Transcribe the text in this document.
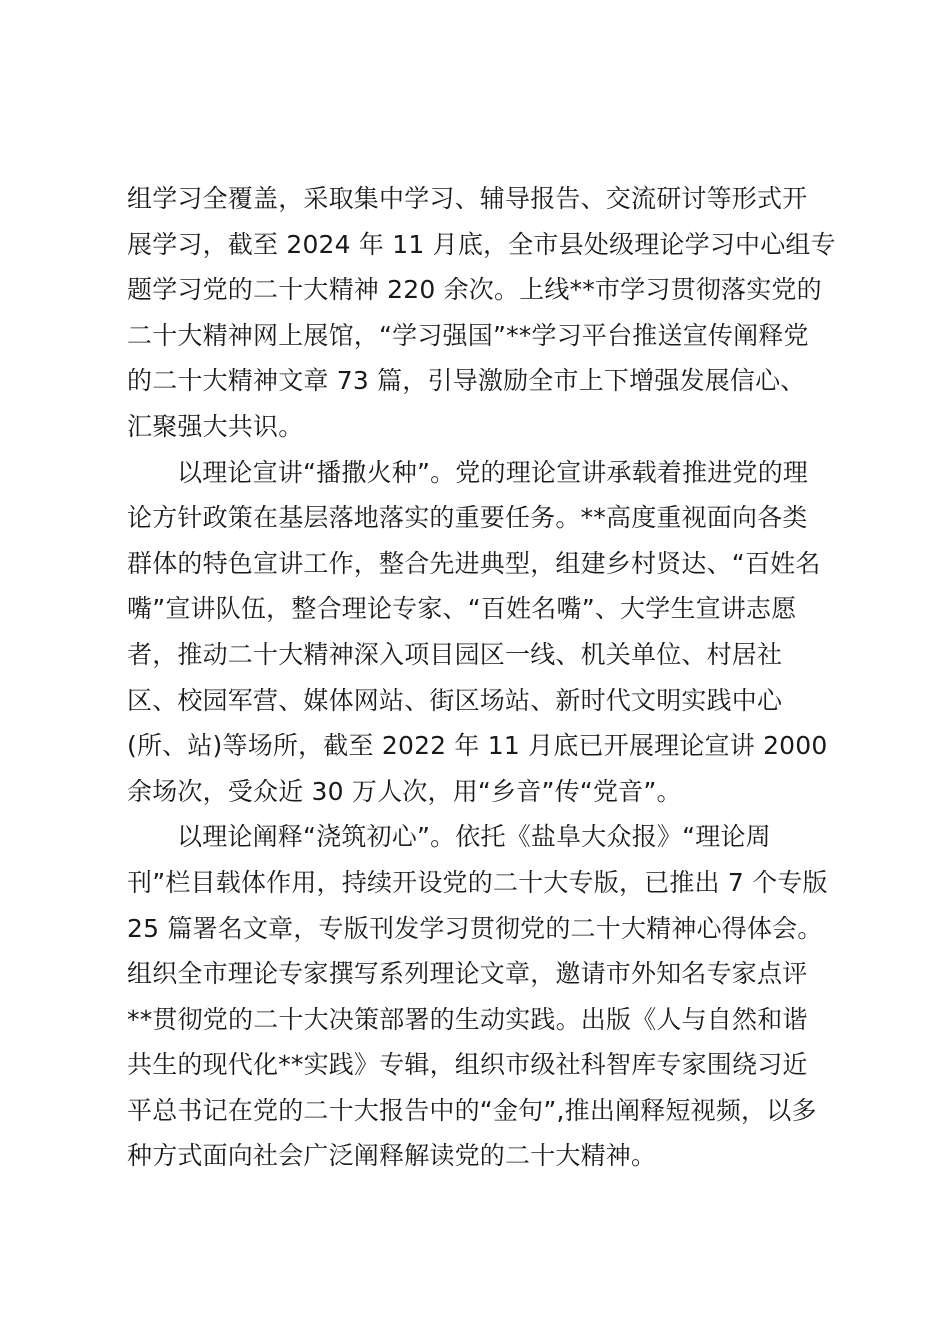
组学习全覆盖，采取集中学习、辅导报告、交流研讨等形式开
展学习，截至 2024 年 11 月底，全市县处级理论学习中心组专
题学习党的二十大精神 220 余次。上线**市学习贯彻落实党的
二十大精神网上展馆，“学习强国”**学习平台推送宣传阐释党
的二十大精神文章 73 篇，引导激励全市上下增强发展信心、
汇聚强大共识。
以理论宣讲“播撒火种”。党的理论宣讲承载着推进党的理
论方针政策在基层落地落实的重要任务。**高度重视面向各类
群体的特色宣讲工作，整合先进典型，组建乡村贤达、“百姓名
嘴”宣讲队伍，整合理论专家、“百姓名嘴”、大学生宣讲志愿
者，推动二十大精神深入项目园区一线、机关单位、村居社
区、校园军营、媒体网站、街区场站、新时代文明实践中心
(所、站)等场所，截至 2022 年 11 月底已开展理论宣讲 2000
余场次，受众近 30 万人次，用“乡音”传“党音”。
以理论阐释“浇筑初心”。依托《盐阜大众报》“理论周
刊”栏目载体作用，持续开设党的二十大专版，已推出 7 个专版
25 篇署名文章，专版刊发学习贯彻党的二十大精神心得体会。
组织全市理论专家撰写系列理论文章，邀请市外知名专家点评
**贯彻党的二十大决策部署的生动实践。出版《人与自然和谐
共生的现代化**实践》专辑，组织市级社科智库专家围绕习近
平总书记在党的二十大报告中的“金句”,推出阐释短视频，以多
种方式面向社会广泛阐释解读党的二十大精神。
